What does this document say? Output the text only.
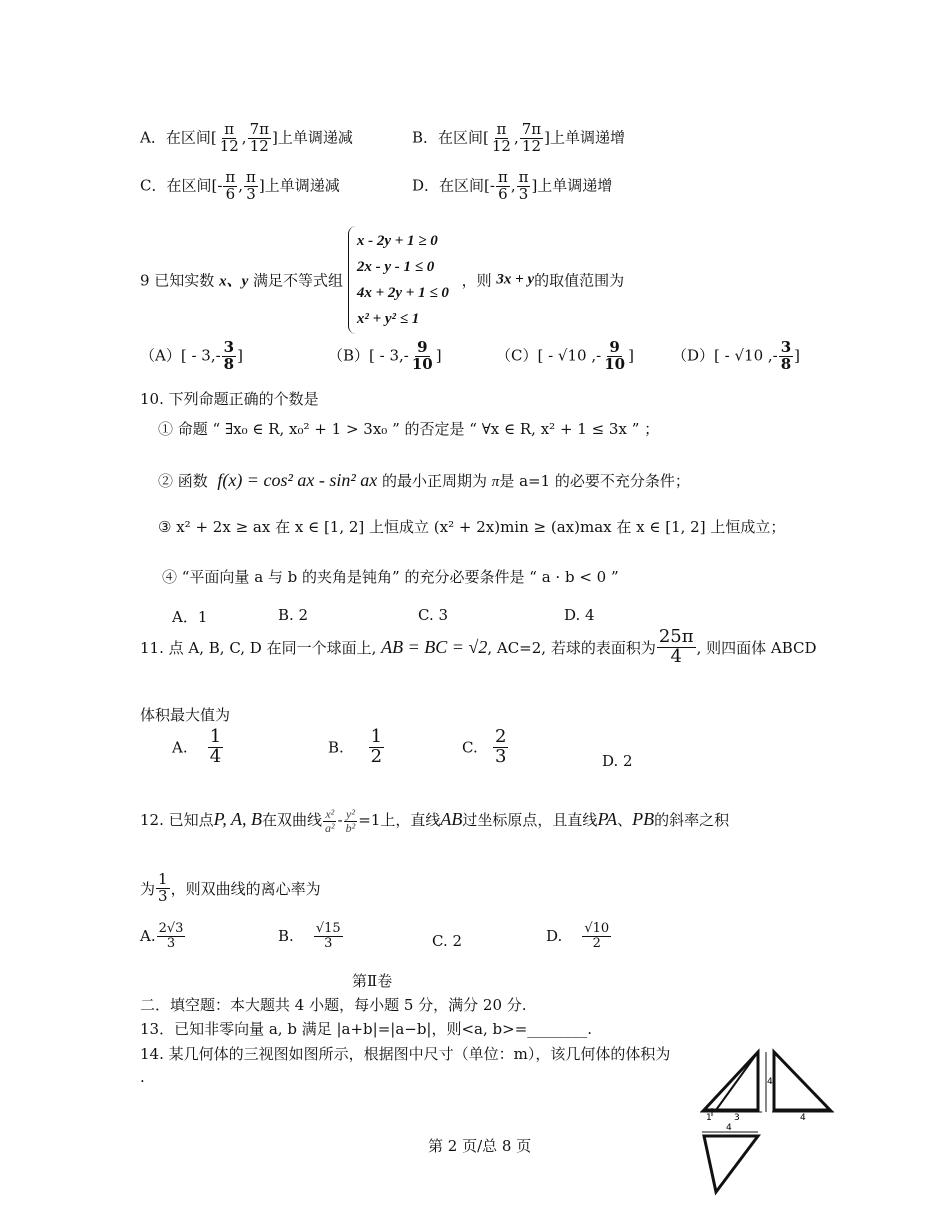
A．在区间[ $\frac{\pi}{12}$ , $\frac{7\pi}{12}$ ]上单调递减	B．在区间[ $\frac{\pi}{12}$ , $\frac{7\pi}{12}$ ]上单调递增
C．在区间[- $\frac{\pi}{6}$ , $\frac{\pi}{3}$ ]上单调递减	D．在区间[- $\frac{\pi}{6}$ , $\frac{\pi}{3}$ ]上单调递增
9 已知实数 x、y 满足不等式组
x - 2y + 1 ≥ 0
2x - y - 1 ≤ 0
4x + 2y + 1 ≤ 0
x² + y² ≤ 1
，则 3x + y的取值范围为
$(A)[ - 3,- \frac{3}{8}$ ]	$(B)[ - 3,- \frac{9}{10}$ ]	（C）[ - √10 ,- $\frac{9}{10}$ ]	（D）[ - √10 ,- $\frac{3}{8}$ ]
10. 下列命题正确的个数是
① 命题 “ ∃x₀ ∈ R, x₀² + 1 > 3x₀ ” 的否定是 “ ∀x ∈ R, x² + 1 ≤ 3x ” ；
② 函数 f(x) = cos² ax - sin² ax 的最小正周期为 π是 a=1 的必要不充分条件；
③ x² + 2x ≥ ax 在 x ∈ [1, 2] 上恒成立 (x² + 2x)min ≥ (ax)max 在 x ∈ [1, 2] 上恒成立；
④ “平面向量 a 与 b 的夹角是钝角” 的充分必要条件是 “ a · b < 0 ”
A．1	B. 2	C. 3	D. 4
11. 点 A, B, C, D 在同一个球面上, AB = BC = √2, AC=2, 若球的表面积为 $\frac{25\pi}{4}$ , 则四面体 ABCD
体积最大值为
A. $\frac{1}{4}$	B. $\frac{1}{2}$	C. $\frac{2}{3}$	D. 2
12. 已知点P, A, B在双曲线 $\frac{\text{x²}}{\text{a²}} - \frac{\text{y²}}{\text{b²}} =1$上，直线AB过坐标原点，且直线PA、PB的斜率之积
为 $\frac{1}{3}$ ，则双曲线的离心率为
A. $\frac{2√3}{3}$	B. $\frac{√15}{3}$	C. 2	D. $\frac{√10}{2}$
第Ⅱ卷
二．填空题：本大题共 4 小题，每小题 5 分，满分 20 分.
13．已知非零向量 a, b 满足 |a+b|=|a−b|，则<a, b>=________.
14. 某几何体的三视图如图所示，根据图中尺寸（单位：m），该几何体的体积为
.
1 3
4
4
4
第 2 页/总 8 页
